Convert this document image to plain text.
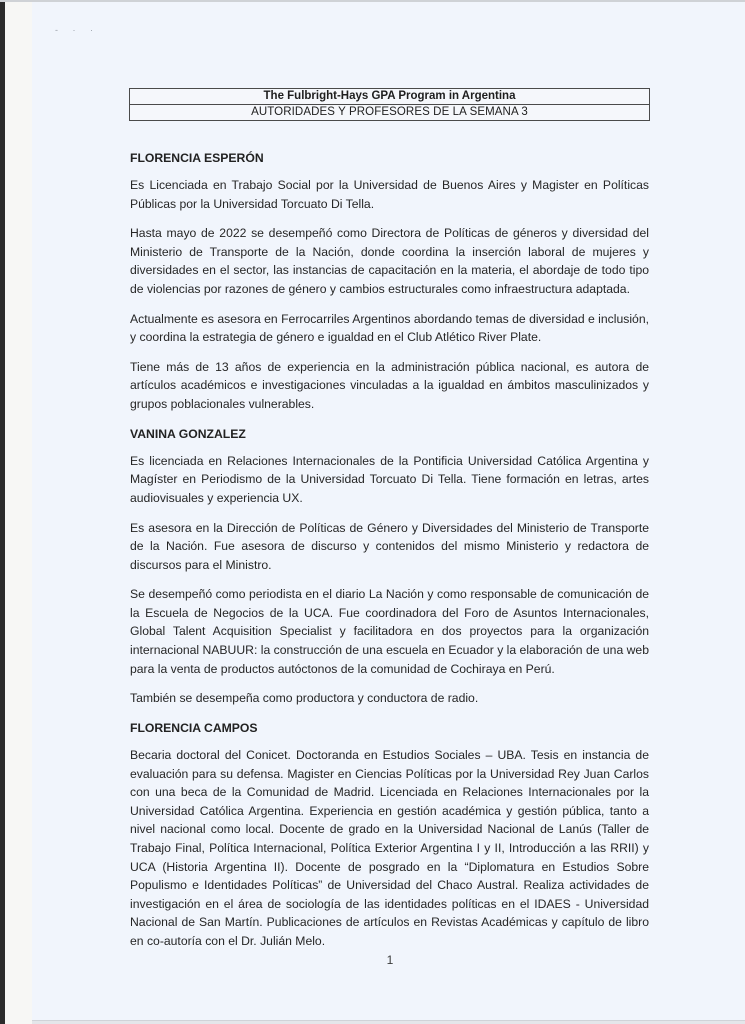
- · ·
The Fulbright-Hays GPA Program in Argentina
AUTORIDADES Y PROFESORES DE LA SEMANA 3
FLORENCIA ESPERÓN

Es Licenciada en Trabajo Social por la Universidad de Buenos Aires y Magister en Políticas Públicas por la Universidad Torcuato Di Tella.

Hasta mayo de 2022 se desempeñó como Directora de Políticas de géneros y diversidad del Ministerio de Transporte de la Nación, donde coordina la inserción laboral de mujeres y diversidades en el sector, las instancias de capacitación en la materia, el abordaje de todo tipo de violencias por razones de género y cambios estructurales como infraestructura adaptada.

Actualmente es asesora en Ferrocarriles Argentinos abordando temas de diversidad e inclusión, y coordina la estrategia de género e igualdad en el Club Atlético River Plate.

Tiene más de 13 años de experiencia en la administración pública nacional, es autora de artículos académicos e investigaciones vinculadas a la igualdad en ámbitos masculinizados y grupos poblacionales vulnerables.

VANINA GONZALEZ

Es licenciada en Relaciones Internacionales de la Pontificia Universidad Católica Argentina y Magíster en Periodismo de la Universidad Torcuato Di Tella. Tiene formación en letras, artes audiovisuales y experiencia UX.

Es asesora en la Dirección de Políticas de Género y Diversidades del Ministerio de Transporte de la Nación. Fue asesora de discurso y contenidos del mismo Ministerio y redactora de discursos para el Ministro.

Se desempeñó como periodista en el diario La Nación y como responsable de comunicación de la Escuela de Negocios de la UCA. Fue coordinadora del Foro de Asuntos Internacionales, Global Talent Acquisition Specialist y facilitadora en dos proyectos para la organización internacional NABUUR: la construcción de una escuela en Ecuador y la elaboración de una web para la venta de productos autóctonos de la comunidad de Cochiraya en Perú.

También se desempeña como productora y conductora de radio.

FLORENCIA CAMPOS

Becaria doctoral del Conicet. Doctoranda en Estudios Sociales – UBA. Tesis en instancia de evaluación para su defensa. Magister en Ciencias Políticas por la Universidad Rey Juan Carlos con una beca de la Comunidad de Madrid. Licenciada en Relaciones Internacionales por la Universidad Católica Argentina. Experiencia en gestión académica y gestión pública, tanto a nivel nacional como local. Docente de grado en la Universidad Nacional de Lanús (Taller de Trabajo Final, Política Internacional, Política Exterior Argentina I y II, Introducción a las RRII) y UCA (Historia Argentina II). Docente de posgrado en la “Diplomatura en Estudios Sobre Populismo e Identidades Políticas” de Universidad del Chaco Austral. Realiza actividades de investigación en el área de sociología de las identidades políticas en el IDAES - Universidad Nacional de San Martín. Publicaciones de artículos en Revistas Académicas y capítulo de libro en co-autoría con el Dr. Julián Melo.

1
